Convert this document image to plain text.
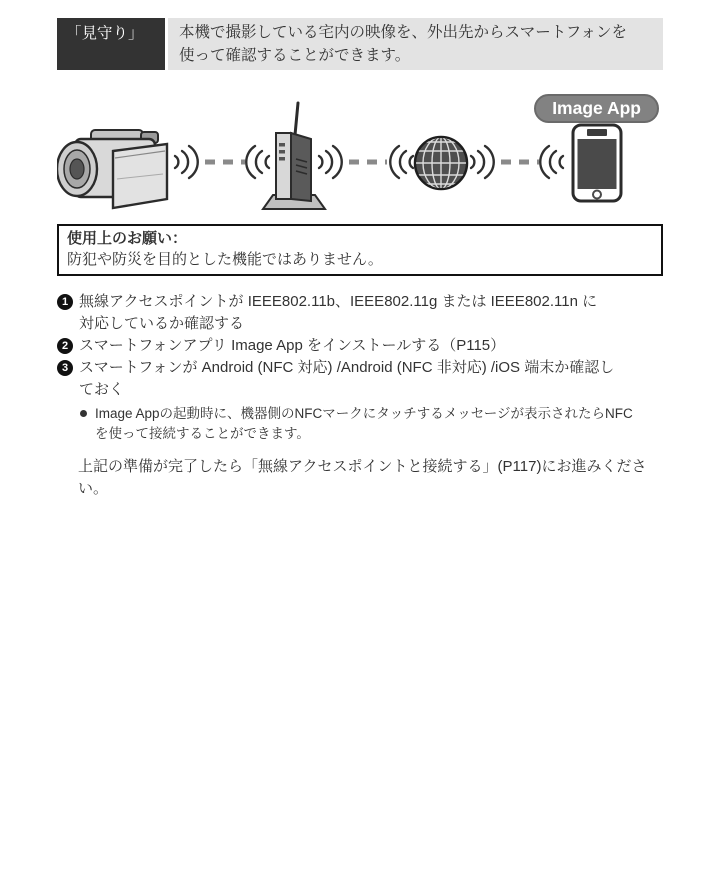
「見守り」	本機で撮影している宅内の映像を、外出先からスマートフォンを
使って確認することができます。
Image App
使用上のお願い：
防犯や防災を目的とした機能ではありません。
1 無線アクセスポイントが IEEE802.11b、IEEE802.11g または IEEE802.11n に
対応しているか確認する
2 スマートフォンアプリ Image App をインストールする（P115）
3 スマートフォンが Android (NFC 対応) /Android (NFC 非対応) /iOS 端末か確認し
ておく
Image Appの起動時に、機器側のNFCマークにタッチするメッセージが表示されたらNFC
を使って接続することができます。
上記の準備が完了したら「無線アクセスポイントと接続する」(P117)にお進みください。
